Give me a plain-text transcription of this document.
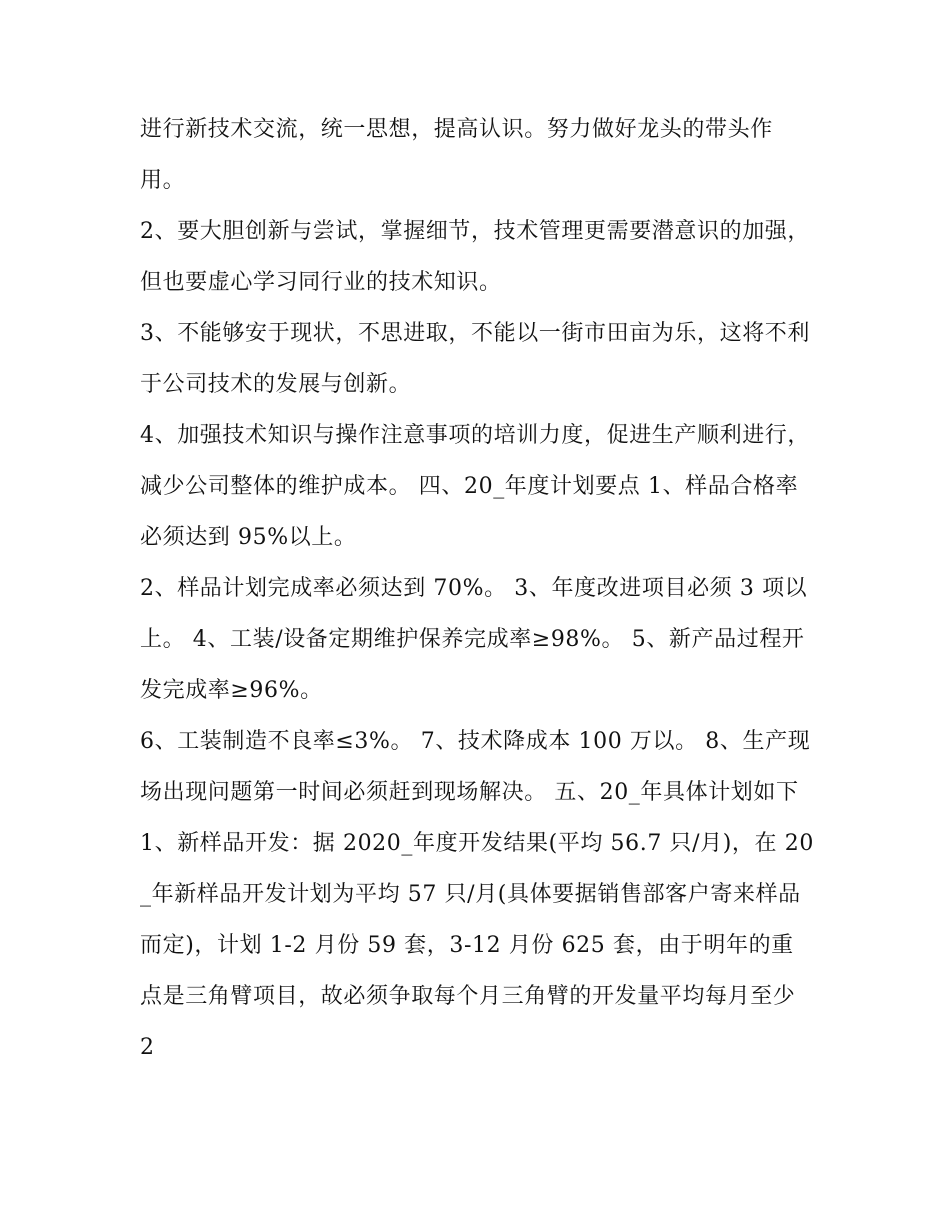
进行新技术交流，统一思想，提高认识。努力做好龙头的带头作用。

2、要大胆创新与尝试，掌握细节，技术管理更需要潜意识的加强，但也要虚心学习同行业的技术知识。

3、不能够安于现状，不思进取，不能以一街市田亩为乐，这将不利于公司技术的发展与创新。

4、加强技术知识与操作注意事项的培训力度，促进生产顺利进行，减少公司整体的维护成本。 四、20_年度计划要点 1、样品合格率必须达到 95%以上。

2、样品计划完成率必须达到 70%。 3、年度改进项目必须 3 项以上。 4、工装/设备定期维护保养完成率≥98%。 5、新产品过程开发完成率≥96%。

6、工装制造不良率≤3%。 7、技术降成本 100 万以。 8、生产现场出现问题第一时间必须赶到现场解决。 五、20_年具体计划如下

1、新样品开发：据 2020_年度开发结果(平均 56.7 只/月)，在 20_年新样品开发计划为平均 57 只/月(具体要据销售部客户寄来样品而定)，计划 1-2 月份 59 套，3-12 月份 625 套，由于明年的重点是三角臂项目，故必须争取每个月三角臂的开发量平均每月至少 2
